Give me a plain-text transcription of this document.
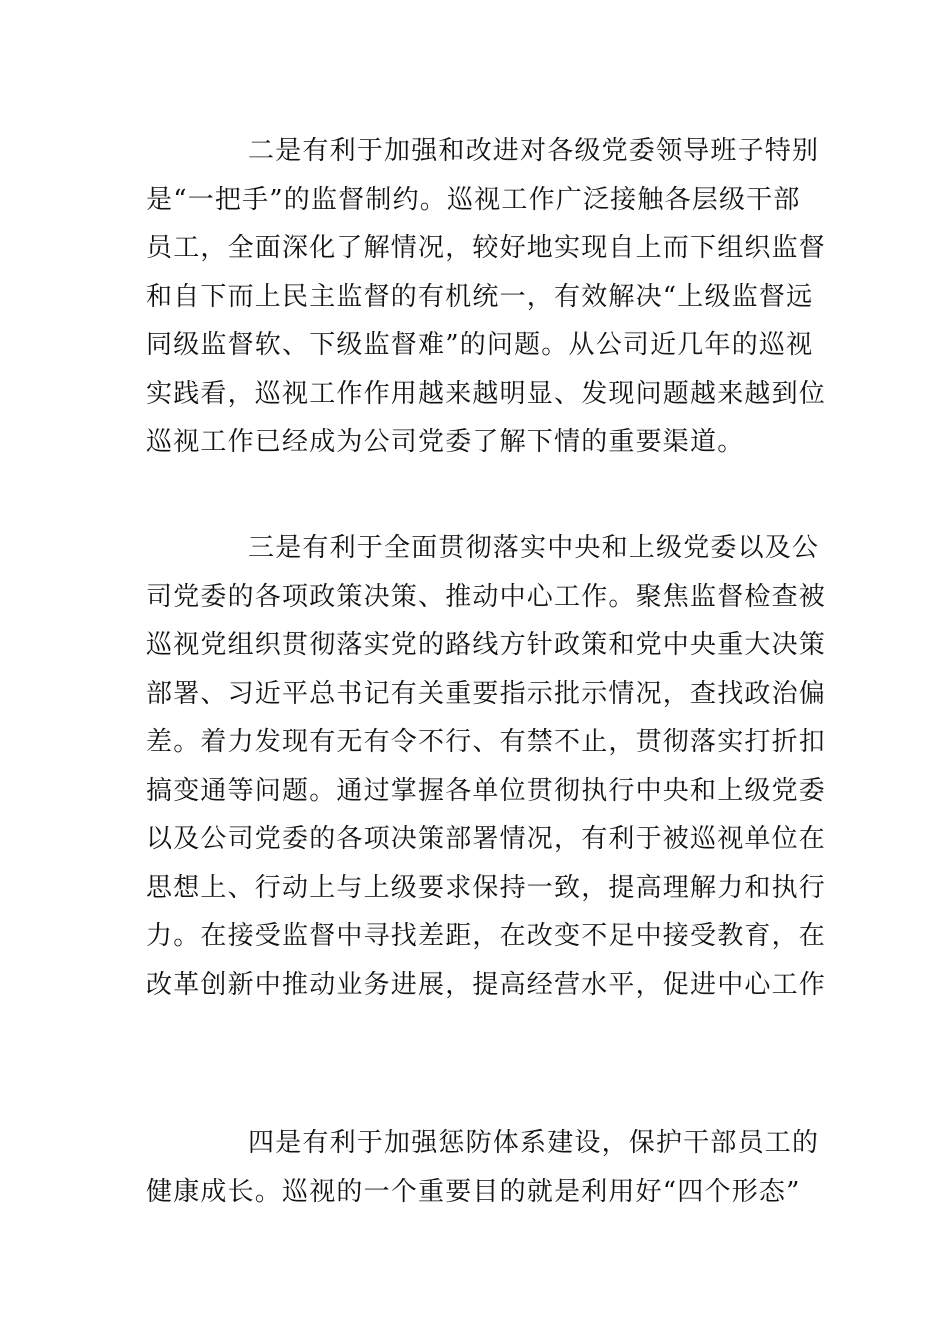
二是有利于加强和改进对各级党委领导班子特别
是“一把手”的监督制约。巡视工作广泛接触各层级干部
员工，全面深化了解情况，较好地实现自上而下组织监督
和自下而上民主监督的有机统一，有效解决“上级监督远
同级监督软、下级监督难”的问题。从公司近几年的巡视
实践看，巡视工作作用越来越明显、发现问题越来越到位
巡视工作已经成为公司党委了解下情的重要渠道。

三是有利于全面贯彻落实中央和上级党委以及公
司党委的各项政策决策、推动中心工作。聚焦监督检查被
巡视党组织贯彻落实党的路线方针政策和党中央重大决策
部署、习近平总书记有关重要指示批示情况，查找政治偏
差。着力发现有无有令不行、有禁不止，贯彻落实打折扣
搞变通等问题。通过掌握各单位贯彻执行中央和上级党委
以及公司党委的各项决策部署情况，有利于被巡视单位在
思想上、行动上与上级要求保持一致，提高理解力和执行
力。在接受监督中寻找差距，在改变不足中接受教育，在
改革创新中推动业务进展，提高经营水平，促进中心工作

四是有利于加强惩防体系建设，保护干部员工的
健康成长。巡视的一个重要目的就是利用好“四个形态”
